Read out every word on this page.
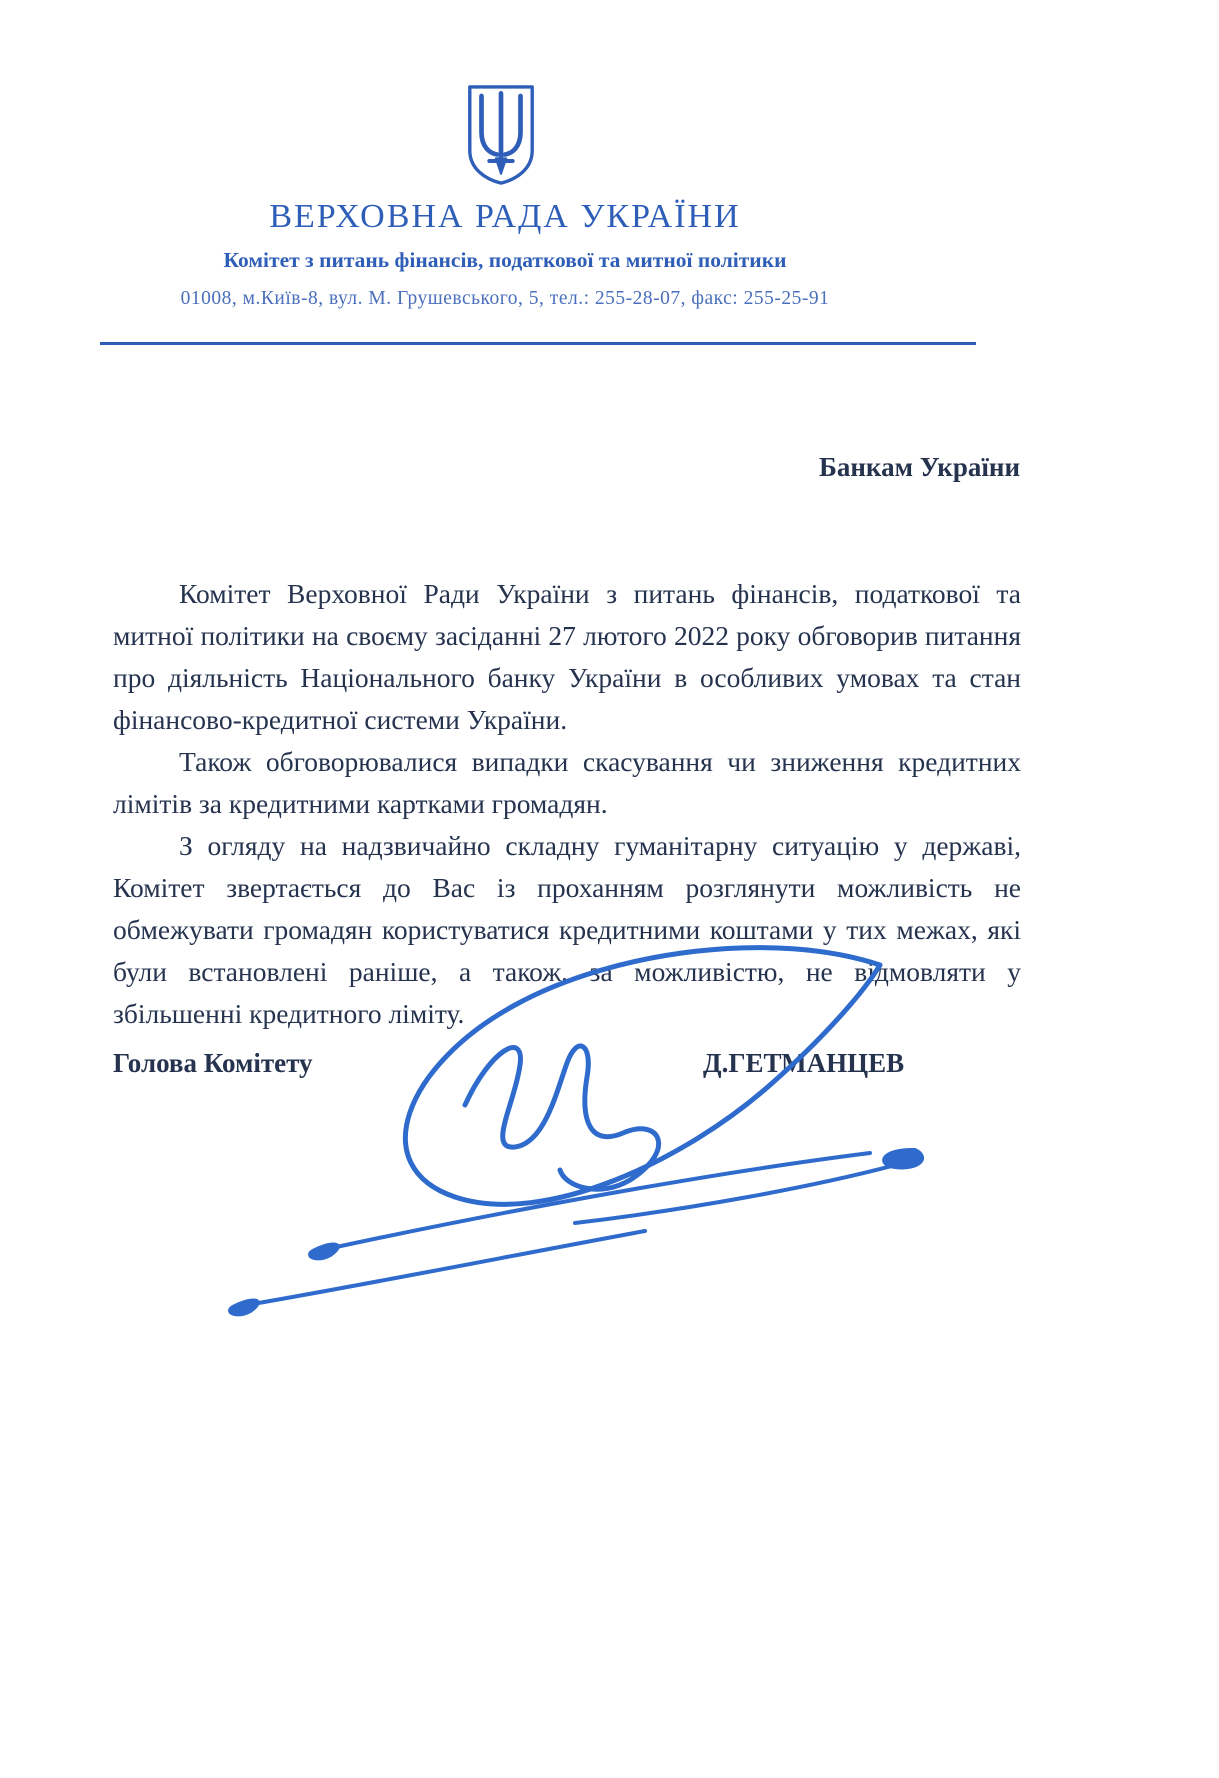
ВЕРХОВНА РАДА УКРАЇНИ
Комітет з питань фінансів, податкової та митної політики
01008, м.Київ-8, вул. М. Грушевського, 5, тел.: 255-28-07, факс: 255-25-91
Банкам України

Комітет Верховної Ради України з питань фінансів, податкової та митної політики на своєму засіданні 27 лютого 2022 року обговорив питання про діяльність Національного банку України в особливих умовах та стан фінансово-кредитної системи України.

Також обговорювалися випадки скасування чи зниження кредитних лімітів за кредитними картками громадян.

З огляду на надзвичайно складну гуманітарну ситуацію у державі, Комітет звертається до Вас із проханням розглянути можливість не обмежувати громадян користуватися кредитними коштами у тих межах, які були встановлені раніше, а також, за можливістю, не відмовляти у збільшенні кредитного ліміту.

Голова Комітету	Д.ГЕТМАНЦЕВ
